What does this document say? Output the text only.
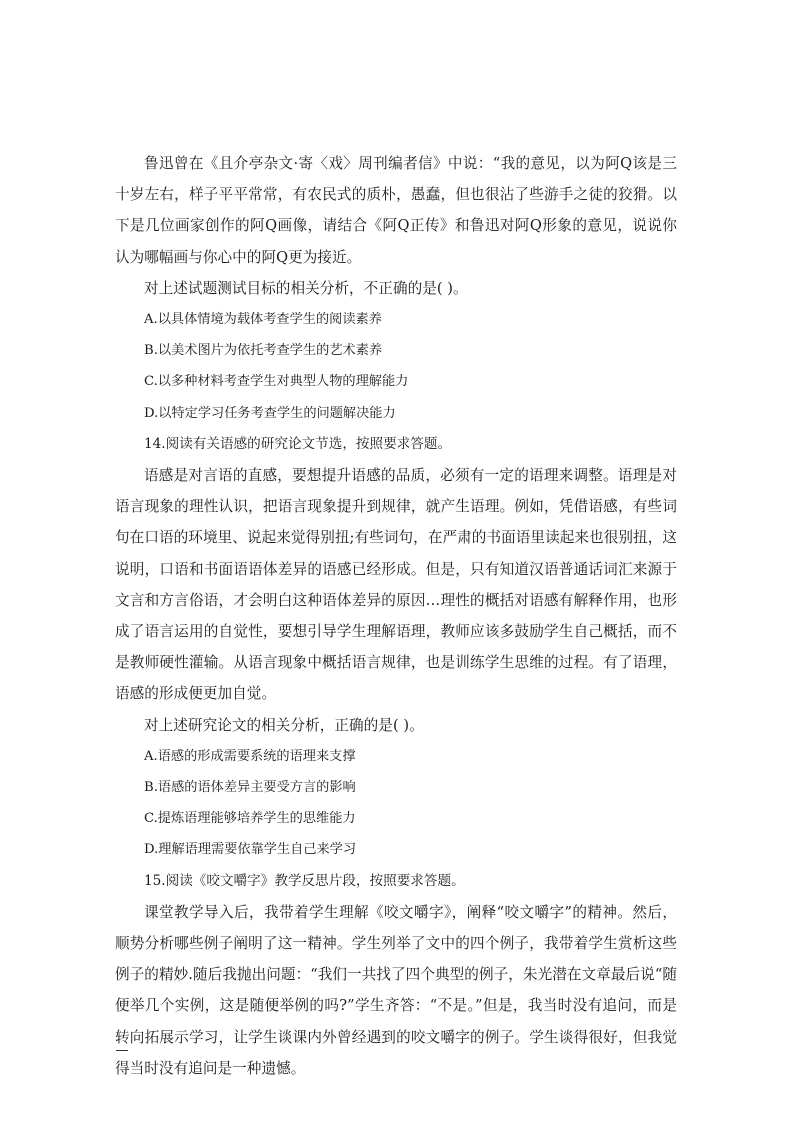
鲁迅曾在《且介亭杂文·寄〈戏〉周刊编者信》中说：“我的意见，以为阿Q该是三十岁左右，样子平平常常，有农民式的质朴，愚蠢，但也很沾了些游手之徒的狡猾。以下是几位画家创作的阿Q画像，请结合《阿Q正传》和鲁迅对阿Q形象的意见，说说你认为哪幅画与你心中的阿Q更为接近。

对上述试题测试目标的相关分析，不正确的是( )。

A.以具体情境为载体考查学生的阅读素养

B.以美术图片为依托考查学生的艺术素养

C.以多种材料考查学生对典型人物的理解能力

D.以特定学习任务考查学生的问题解决能力

14.阅读有关语感的研究论文节选，按照要求答题。

语感是对言语的直感，要想提升语感的品质，必须有一定的语理来调整。语理是对语言现象的理性认识，把语言现象提升到规律，就产生语理。例如，凭借语感，有些词句在口语的环境里、说起来觉得别扭;有些词句，在严肃的书面语里读起来也很别扭，这说明，口语和书面语语体差异的语感已经形成。但是，只有知道汉语普通话词汇来源于文言和方言俗语，才会明白这种语体差异的原因…理性的概括对语感有解释作用，也形成了语言运用的自觉性，要想引导学生理解语理，教师应该多鼓励学生自己概括，而不是教师硬性灌输。从语言现象中概括语言规律，也是训练学生思维的过程。有了语理，语感的形成便更加自觉。

对上述研究论文的相关分析，正确的是( )。

A.语感的形成需要系统的语理来支撑

B.语感的语体差异主要受方言的影响

C.提炼语理能够培养学生的思维能力

D.理解语理需要依靠学生自己来学习

15.阅读《咬文嚼字》教学反思片段，按照要求答题。

课堂教学导入后，我带着学生理解《咬文嚼字》，阐释“咬文嚼字”的精神。然后，顺势分析哪些例子阐明了这一精神。学生列举了文中的四个例子，我带着学生赏析这些例子的精妙.随后我抛出问题：“我们一共找了四个典型的例子，朱光潜在文章最后说“随便举几个实例，这是随便举例的吗?”学生齐答：“不是。”但是，我当时没有追问，而是转向拓展示学习，让学生谈课内外曾经遇到的咬文嚼字的例子。学生谈得很好，但我觉得当时没有追问是一种遗憾。
